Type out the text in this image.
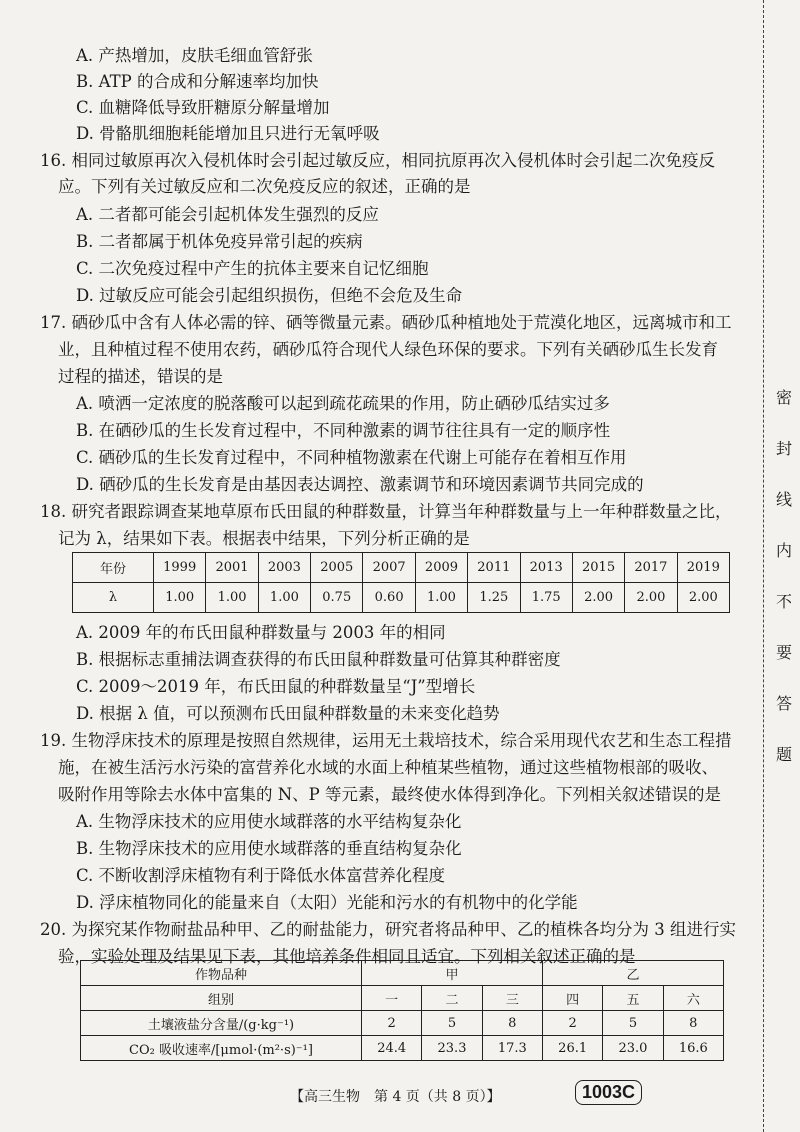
A. 产热增加，皮肤毛细血管舒张
B. ATP 的合成和分解速率均加快
C. 血糖降低导致肝糖原分解量增加
D. 骨骼肌细胞耗能增加且只进行无氧呼吸
16. 相同过敏原再次入侵机体时会引起过敏反应，相同抗原再次入侵机体时会引起二次免疫反
应。下列有关过敏反应和二次免疫反应的叙述，正确的是
A. 二者都可能会引起机体发生强烈的反应
B. 二者都属于机体免疫异常引起的疾病
C. 二次免疫过程中产生的抗体主要来自记忆细胞
D. 过敏反应可能会引起组织损伤，但绝不会危及生命
17. 硒砂瓜中含有人体必需的锌、硒等微量元素。硒砂瓜种植地处于荒漠化地区，远离城市和工
业，且种植过程不使用农药，硒砂瓜符合现代人绿色环保的要求。下列有关硒砂瓜生长发育
过程的描述，错误的是
A. 喷洒一定浓度的脱落酸可以起到疏花疏果的作用，防止硒砂瓜结实过多
B. 在硒砂瓜的生长发育过程中，不同种激素的调节往往具有一定的顺序性
C. 硒砂瓜的生长发育过程中，不同种植物激素在代谢上可能存在着相互作用
D. 硒砂瓜的生长发育是由基因表达调控、激素调节和环境因素调节共同完成的
18. 研究者跟踪调查某地草原布氏田鼠的种群数量，计算当年种群数量与上一年种群数量之比，
记为 λ，结果如下表。根据表中结果，下列分析正确的是
年份	1999	2001	2003	2005	2007	2009	2011	2013	2015	2017	2019
λ	1.00	1.00	1.00	0.75	0.60	1.00	1.25	1.75	2.00	2.00	2.00
A. 2009 年的布氏田鼠种群数量与 2003 年的相同
B. 根据标志重捕法调查获得的布氏田鼠种群数量可估算其种群密度
C. 2009～2019 年，布氏田鼠的种群数量呈“J”型增长
D. 根据 λ 值，可以预测布氏田鼠种群数量的未来变化趋势
19. 生物浮床技术的原理是按照自然规律，运用无土栽培技术，综合采用现代农艺和生态工程措
施，在被生活污水污染的富营养化水域的水面上种植某些植物，通过这些植物根部的吸收、
吸附作用等除去水体中富集的 N、P 等元素，最终使水体得到净化。下列相关叙述错误的是
A. 生物浮床技术的应用使水域群落的水平结构复杂化
B. 生物浮床技术的应用使水域群落的垂直结构复杂化
C. 不断收割浮床植物有利于降低水体富营养化程度
D. 浮床植物同化的能量来自（太阳）光能和污水的有机物中的化学能
20. 为探究某作物耐盐品种甲、乙的耐盐能力，研究者将品种甲、乙的植株各均分为 3 组进行实
验，实验处理及结果见下表，其他培养条件相同且适宜。下列相关叙述正确的是
作物品种	甲			乙		
组别	一	二	三	四	五	六
土壤液盐分含量/(g·kg⁻¹)	2	5	8	2	5	8
CO₂ 吸收速率/[μmol·(m²·s)⁻¹]	24.4	23.3	17.3	26.1	23.0	16.6
【高三生物　第 4 页（共 8 页）】	1003C
密
封
线
内
不
要
答
题
